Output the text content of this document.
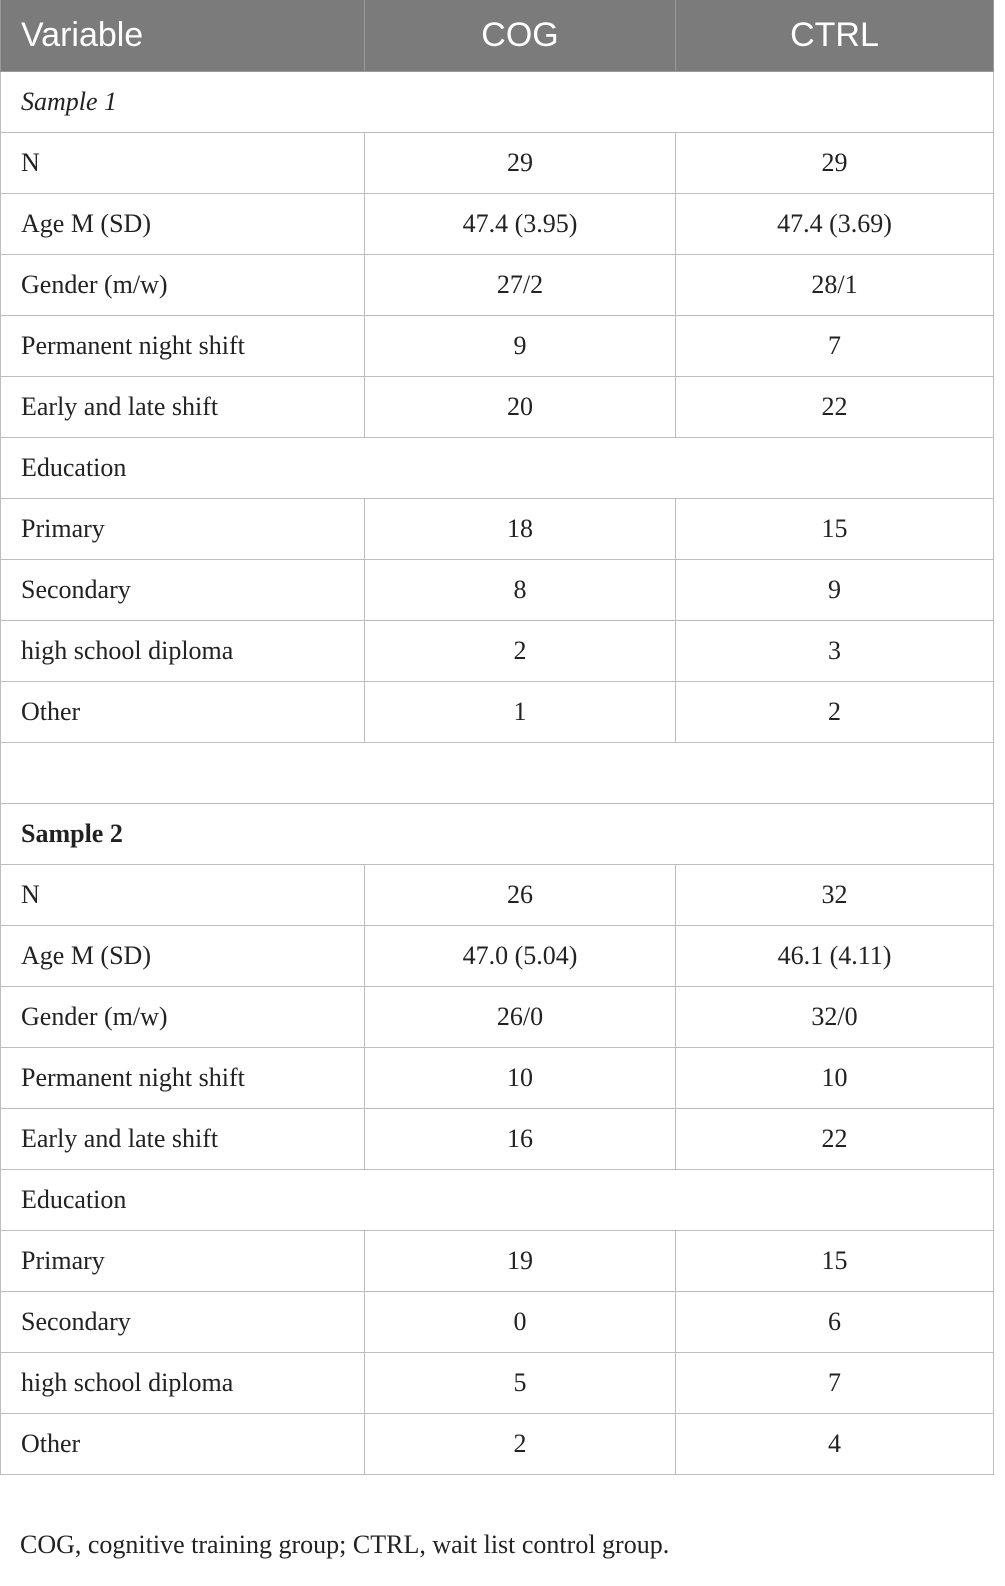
Variable	COG	CTRL
Sample 1		
N	29	29
Age M (SD)	47.4 (3.95)	47.4 (3.69)
Gender (m/w)	27/2	28/1
Permanent night shift	9	7
Early and late shift	20	22
Education		
Primary	18	15
Secondary	8	9
high school diploma	2	3
Other	1	2

Sample 2		
N	26	32
Age M (SD)	47.0 (5.04)	46.1 (4.11)
Gender (m/w)	26/0	32/0
Permanent night shift	10	10
Early and late shift	16	22
Education		
Primary	19	15
Secondary	0	6
high school diploma	5	7
Other	2	4
COG, cognitive training group; CTRL, wait list control group.
